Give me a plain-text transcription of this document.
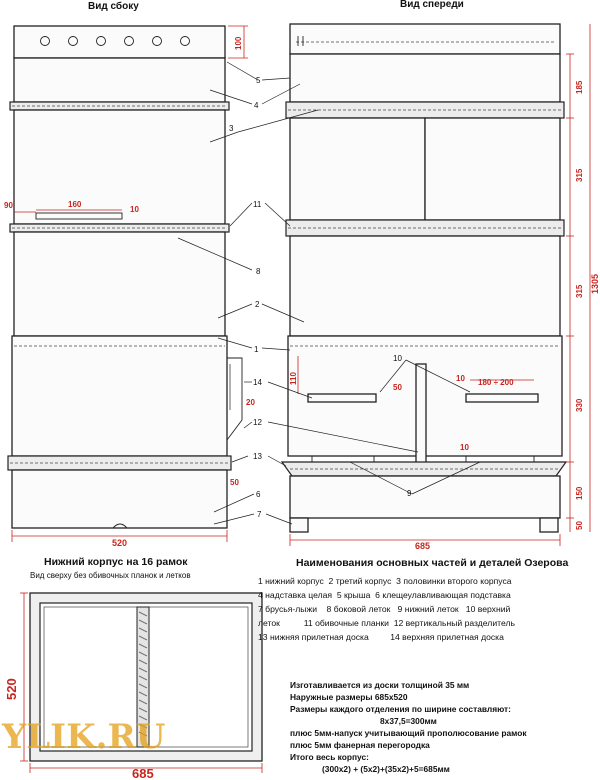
Вид сбоку	Вид спереди
100
90	160
10
20
50
520
185
315
315
330
150
50
1305
110
50
10 180 ÷ 200
10
685
5
4
3
11
8
2
1
14
12
13
6
7
10
9
Нижний корпус на 16 рамок
Вид сверху без обивочных планок и летков
520
685
YLIK.RU
Наименования основных частей и деталей Озерова
1 нижний корпус  2 третий корпус  3 половинки второго корпуса
4 надставка целая  5 крыша  6 клещеулавливающая подставка
7 брусья-лыжи    8 боковой леток   9 нижний леток   10 верхний
леток          11 обивочные планки  12 вертикальный разделитель
13 нижняя прилетная доска         14 верхняя прилетная доска
Изготавливается из доски толщиной 35 мм
Наружные размеры 685х520
Размеры каждого отделения по ширине составляют:
8х37,5=300мм
плюс 5мм-напуск учитывающий прополюсование рамок
плюс 5мм фанерная перегородка
Итого весь корпус:
(300х2) + (5х2)+(35х2)+5=685мм
